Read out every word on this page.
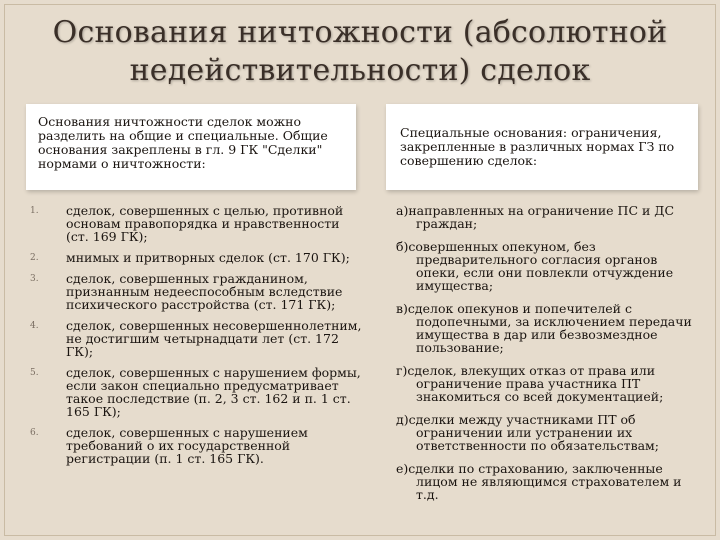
Основания ничтожности (абсолютной
недействительности) сделок
Основания ничтожности сделок можно разделить на общие и специальные. Общие основания закреплены в гл. 9 ГК "Сделки" нормами о ничтожности:
Специальные основания: ограничения, закрепленные в различных нормах ГЗ по совершению сделок:
1. сделок, совершенных с целью, противной основам правопорядка и нравственности (ст. 169 ГК);
2. мнимых и притворных сделок (ст. 170 ГК);
3. сделок, совершенных гражданином, признанным недееспособным вследствие психического расстройства (ст. 171 ГК);
4. сделок, совершенных несовершеннолетним, не достигшим четырнадцати лет (ст. 172 ГК);
5. сделок, совершенных с нарушением формы, если закон специально предусматривает такое последствие (п. 2, 3 ст. 162 и п. 1 ст. 165 ГК);
6. сделок, совершенных с нарушением требований о их государственной регистрации (п. 1 ст. 165 ГК).
а)направленных на ограничение ПС и ДС граждан;
б)совершенных опекуном, без предварительного согласия органов опеки, если они повлекли отчуждение имущества;
в)сделок опекунов и попечителей с подопечными, за исключением передачи имущества в дар или безвозмездное пользование;
г)сделок, влекущих отказ от права или ограничение права участника ПТ знакомиться со всей документацией;
д)сделки между участниками ПТ об ограничении или устранении их ответственности по обязательствам;
е)сделки по страхованию, заключенные лицом не являющимся страхователем и т.д.
